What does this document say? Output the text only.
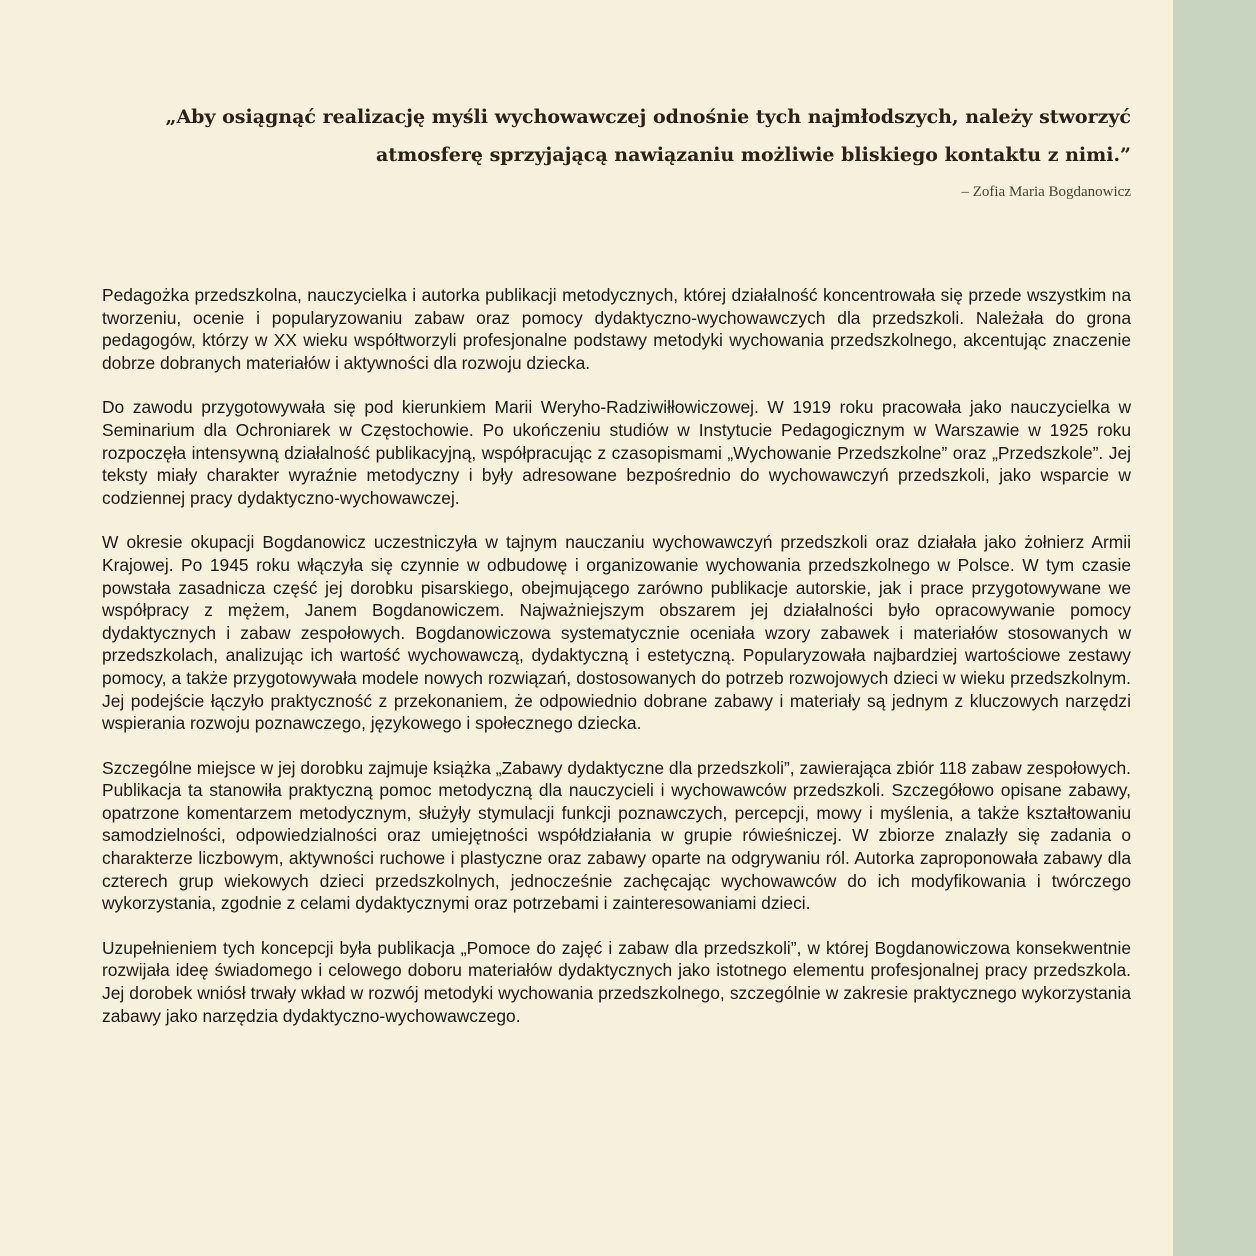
„Aby osiągnąć realizację myśli wychowawczej odnośnie tych najmłodszych, należy stworzyć atmosferę sprzyjającą nawiązaniu możliwie bliskiego kontaktu z nimi.”

– Zofia Maria Bogdanowicz

Pedagożka przedszkolna, nauczycielka i autorka publikacji metodycznych, której działalność koncentrowała się przede wszystkim na tworzeniu, ocenie i popularyzowaniu zabaw oraz pomocy dydaktyczno-wychowawczych dla przedszkoli. Należała do grona pedagogów, którzy w XX wieku współtworzyli profesjonalne podstawy metodyki wychowania przedszkolnego, akcentując znaczenie dobrze dobranych materiałów i aktywności dla rozwoju dziecka.

Do zawodu przygotowywała się pod kierunkiem Marii Weryho-Radziwiłłowiczowej. W 1919 roku pracowała jako nauczycielka w Seminarium dla Ochroniarek w Częstochowie. Po ukończeniu studiów w Instytucie Pedagogicznym w Warszawie w 1925 roku rozpoczęła intensywną działalność publikacyjną, współpracując z czasopismami „Wychowanie Przedszkolne” oraz „Przedszkole”. Jej teksty miały charakter wyraźnie metodyczny i były adresowane bezpośrednio do wychowawczyń przedszkoli, jako wsparcie w codziennej pracy dydaktyczno-wychowawczej.

W okresie okupacji Bogdanowicz uczestniczyła w tajnym nauczaniu wychowawczyń przedszkoli oraz działała jako żołnierz Armii Krajowej. Po 1945 roku włączyła się czynnie w odbudowę i organizowanie wychowania przedszkolnego w Polsce. W tym czasie powstała zasadnicza część jej dorobku pisarskiego, obejmującego zarówno publikacje autorskie, jak i prace przygotowywane we współpracy z mężem, Janem Bogdanowiczem. Najważniejszym obszarem jej działalności było opracowywanie pomocy dydaktycznych i zabaw zespołowych. Bogdanowiczowa systematycznie oceniała wzory zabawek i materiałów stosowanych w przedszkolach, analizując ich wartość wychowawczą, dydaktyczną i estetyczną. Popularyzowała najbardziej wartościowe zestawy pomocy, a także przygotowywała modele nowych rozwiązań, dostosowanych do potrzeb rozwojowych dzieci w wieku przedszkolnym. Jej podejście łączyło praktyczność z przekonaniem, że odpowiednio dobrane zabawy i materiały są jednym z kluczowych narzędzi wspierania rozwoju poznawczego, językowego i społecznego dziecka.

Szczególne miejsce w jej dorobku zajmuje książka „Zabawy dydaktyczne dla przedszkoli”, zawierająca zbiór 118 zabaw zespołowych. Publikacja ta stanowiła praktyczną pomoc metodyczną dla nauczycieli i wychowawców przedszkoli. Szczegółowo opisane zabawy, opatrzone komentarzem metodycznym, służyły stymulacji funkcji poznawczych, percepcji, mowy i myślenia, a także kształtowaniu samodzielności, odpowiedzialności oraz umiejętności współdziałania w grupie rówieśniczej. W zbiorze znalazły się zadania o charakterze liczbowym, aktywności ruchowe i plastyczne oraz zabawy oparte na odgrywaniu ról. Autorka zaproponowała zabawy dla czterech grup wiekowych dzieci przedszkolnych, jednocześnie zachęcając wychowawców do ich modyfikowania i twórczego wykorzystania, zgodnie z celami dydaktycznymi oraz potrzebami i zainteresowaniami dzieci.

Uzupełnieniem tych koncepcji była publikacja „Pomoce do zajęć i zabaw dla przedszkoli”, w której Bogdanowiczowa konsekwentnie rozwijała ideę świadomego i celowego doboru materiałów dydaktycznych jako istotnego elementu profesjonalnej pracy przedszkola. Jej dorobek wniósł trwały wkład w rozwój metodyki wychowania przedszkolnego, szczególnie w zakresie praktycznego wykorzystania zabawy jako narzędzia dydaktyczno-wychowawczego.
